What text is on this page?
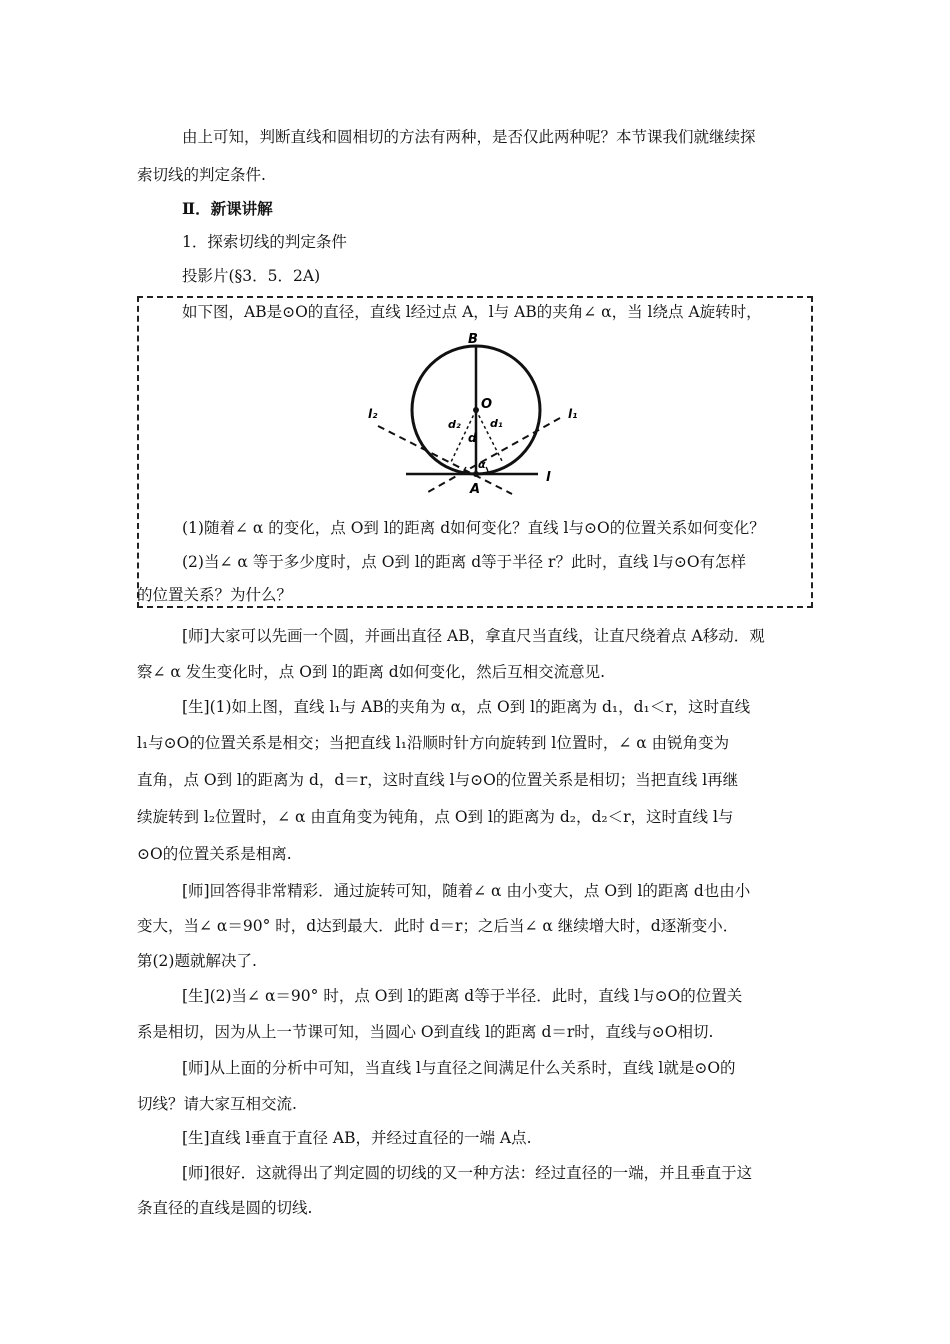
由上可知，判断直线和圆相切的方法有两种，是否仅此两种呢？本节课我们就继续探
索切线的判定条件.
Ⅱ．新课讲解
1．探索切线的判定条件
投影片(§3．5．2A)
如下图，AB是⊙O的直径，直线 l经过点 A，l与 AB的夹角∠ α，当 l绕点 A旋转时，
B
O
A
l
l₁
l₂
d
d₁
d₂
α
(1)随着∠ α 的变化，点 O到 l的距离 d如何变化？直线 l与⊙O的位置关系如何变化？
(2)当∠ α 等于多少度时，点 O到 l的距离 d等于半径 r？此时，直线 l与⊙O有怎样
的位置关系？为什么？
[师]大家可以先画一个圆，并画出直径 AB，拿直尺当直线，让直尺绕着点 A移动．观
察∠ α 发生变化时，点 O到 l的距离 d如何变化，然后互相交流意见.
[生](1)如上图，直线 l₁与 AB的夹角为 α，点 O到 l的距离为 d₁，d₁＜r，这时直线
l₁与⊙O的位置关系是相交；当把直线 l₁沿顺时针方向旋转到 l位置时，∠ α 由锐角变为
直角，点 O到 l的距离为 d，d＝r，这时直线 l与⊙O的位置关系是相切；当把直线 l再继
续旋转到 l₂位置时，∠ α 由直角变为钝角，点 O到 l的距离为 d₂，d₂＜r，这时直线 l与
⊙O的位置关系是相离.
[师]回答得非常精彩．通过旋转可知，随着∠ α 由小变大，点 O到 l的距离 d也由小
变大，当∠ α＝90° 时，d达到最大．此时 d＝r；之后当∠ α 继续增大时，d逐渐变小．
第(2)题就解决了.
[生](2)当∠ α＝90° 时，点 O到 l的距离 d等于半径．此时，直线 l与⊙O的位置关
系是相切，因为从上一节课可知，当圆心 O到直线 l的距离 d＝r时，直线与⊙O相切.
[师]从上面的分析中可知，当直线 l与直径之间满足什么关系时，直线 l就是⊙O的
切线？请大家互相交流.
[生]直线 l垂直于直径 AB，并经过直径的一端 A点.
[师]很好．这就得出了判定圆的切线的又一种方法：经过直径的一端，并且垂直于这
条直径的直线是圆的切线.
